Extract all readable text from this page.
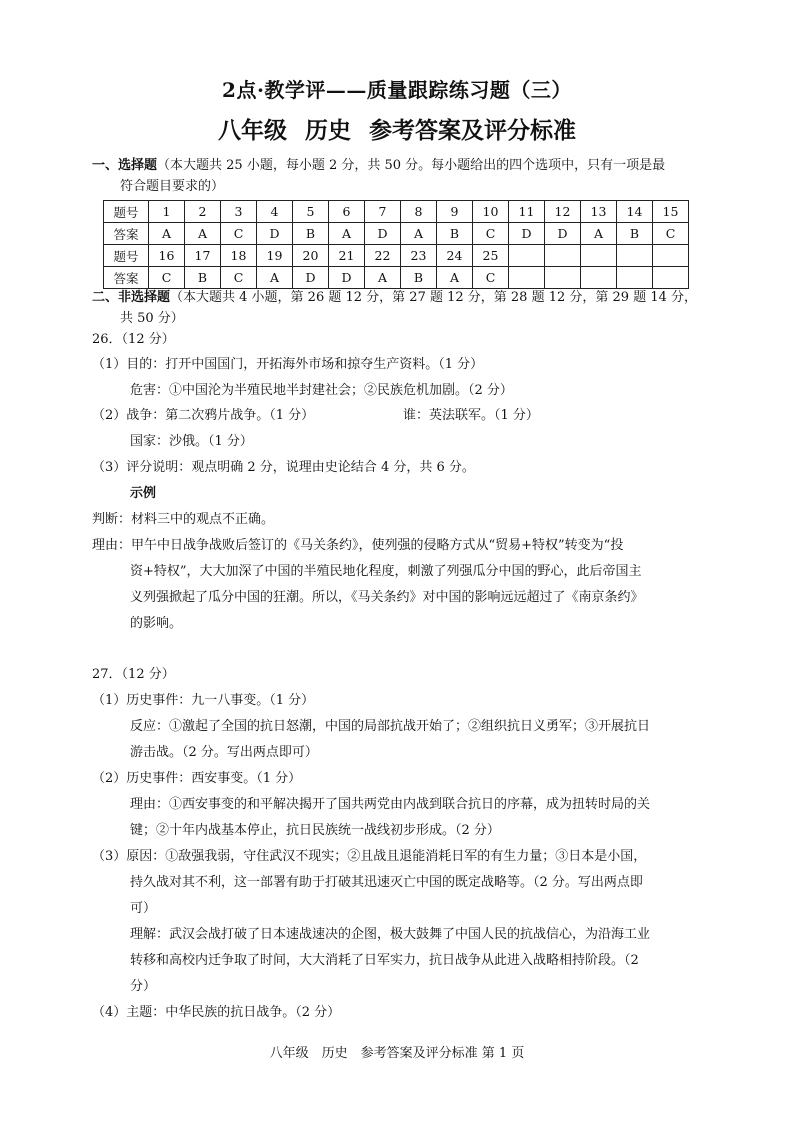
2点·教学评——质量跟踪练习题（三）
八年级 历史 参考答案及评分标准
一、选择题（本大题共 25 小题，每小题 2 分，共 50 分。每小题给出的四个选项中，只有一项是最
符合题目要求的）
题号	1	2	3	4	5	6	7	8	9	10	11	12	13	14	15
答案	A	A	C	D	B	A	D	A	B	C	D	D	A	B	C
题号	16	17	18	19	20	21	22	23	24	25					
答案	C	B	C	A	D	D	A	B	A	C					
二、非选择题（本大题共 4 小题，第 26 题 12 分，第 27 题 12 分，第 28 题 12 分，第 29 题 14 分，
共 50 分）
26．（12 分）
（1）目的：打开中国国门，开拓海外市场和掠夺生产资料。（1 分）
危害：①中国沦为半殖民地半封建社会；②民族危机加剧。（2 分）
（2）战争：第二次鸦片战争。（1 分）	谁：英法联军。（1 分）
国家：沙俄。（1 分）
（3）评分说明：观点明确 2 分，说理由史论结合 4 分，共 6 分。
示例
判断：材料三中的观点不正确。
理由：甲午中日战争战败后签订的《马关条约》，使列强的侵略方式从“贸易+特权”转变为“投
资+特权”，大大加深了中国的半殖民地化程度，刺激了列强瓜分中国的野心，此后帝国主
义列强掀起了瓜分中国的狂潮。所以，《马关条约》对中国的影响远远超过了《南京条约》
的影响。
27．（12 分）
（1）历史事件：九一八事变。（1 分）
反应：①激起了全国的抗日怒潮，中国的局部抗战开始了；②组织抗日义勇军；③开展抗日
游击战。（2 分。写出两点即可）
（2）历史事件：西安事变。（1 分）
理由：①西安事变的和平解决揭开了国共两党由内战到联合抗日的序幕，成为扭转时局的关
键；②十年内战基本停止，抗日民族统一战线初步形成。（2 分）
（3）原因：①敌强我弱，守住武汉不现实；②且战且退能消耗日军的有生力量；③日本是小国，
持久战对其不利，这一部署有助于打破其迅速灭亡中国的既定战略等。（2 分。写出两点即
可）
理解：武汉会战打破了日本速战速决的企图，极大鼓舞了中国人民的抗战信心，为沿海工业
转移和高校内迁争取了时间，大大消耗了日军实力，抗日战争从此进入战略相持阶段。（2
分）
（4）主题：中华民族的抗日战争。（2 分）
八年级　历史　参考答案及评分标准 第 1 页
